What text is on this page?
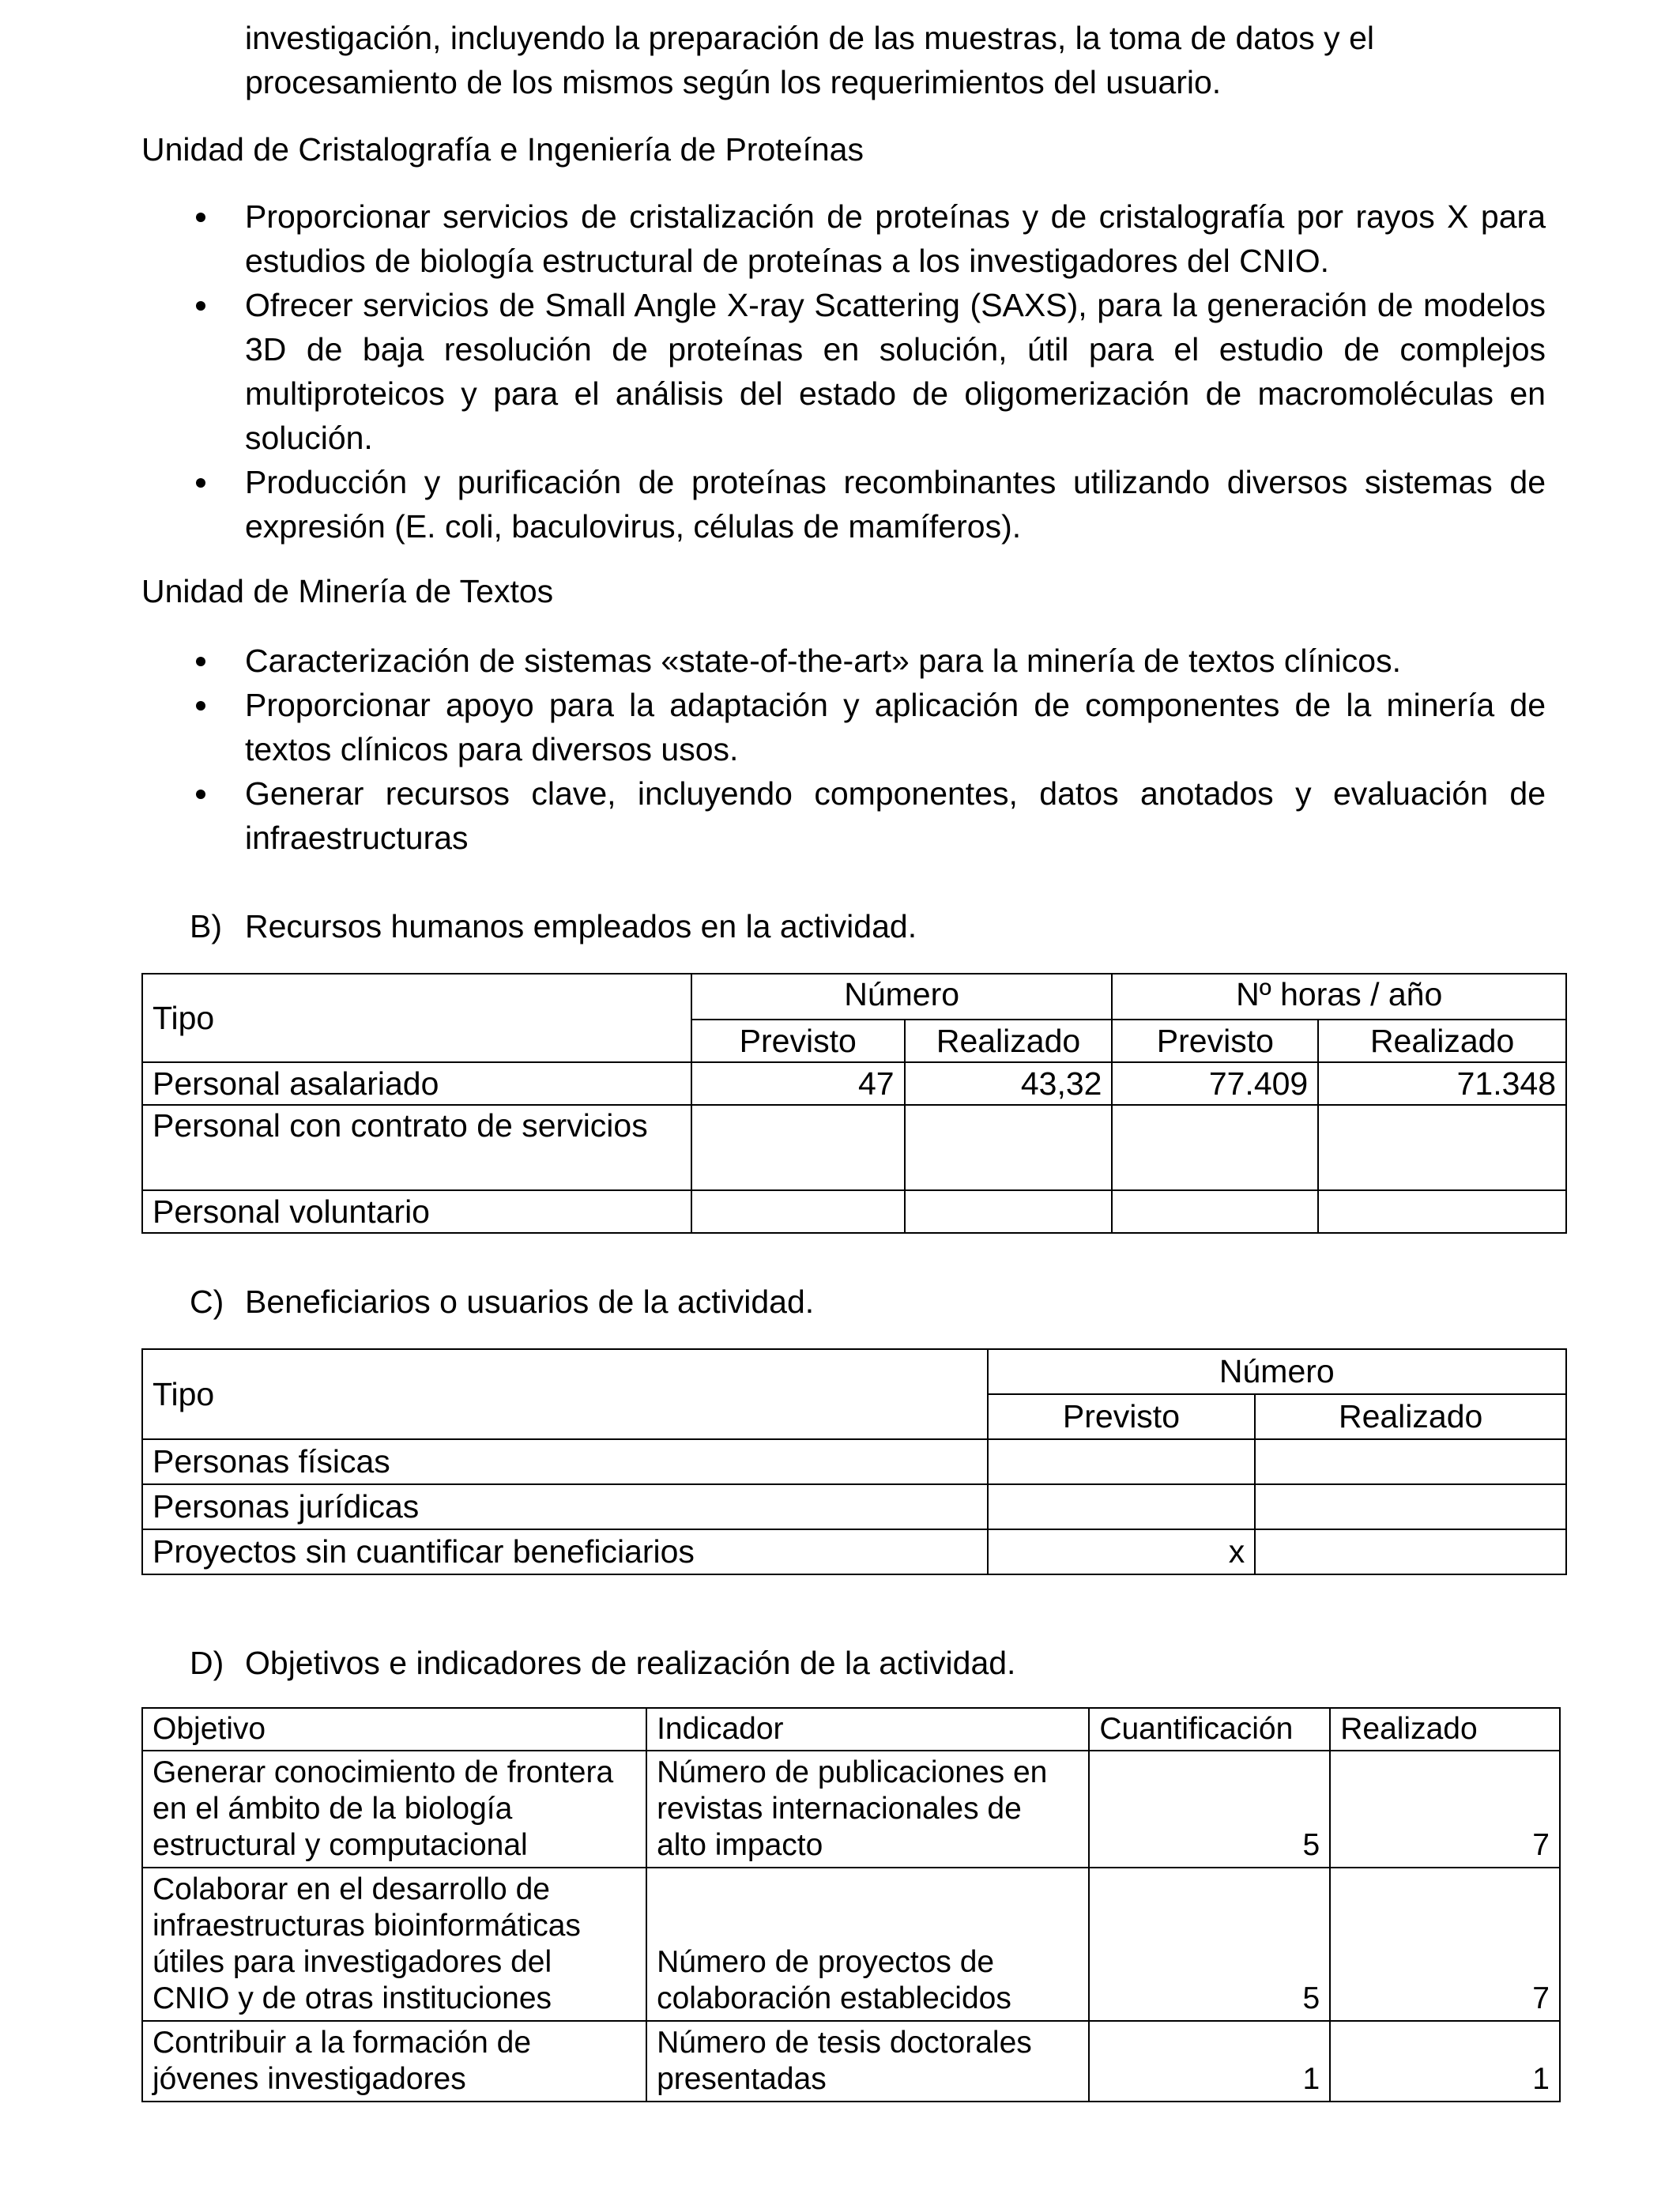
investigación, incluyendo la preparación de las muestras, la toma de datos y el

procesamiento de los mismos según los requerimientos del usuario.

Unidad de Cristalografía e Ingeniería de Proteínas

Proporcionar servicios de cristalización de proteínas y de cristalografía por rayos X para estudios de biología estructural de proteínas a los investigadores del CNIO.
Ofrecer servicios de Small Angle X-ray Scattering (SAXS), para la generación de modelos 3D de baja resolución de proteínas en solución, útil para el estudio de complejos multiproteicos y para el análisis del estado de oligomerización de macromoléculas en solución.
Producción y purificación de proteínas recombinantes utilizando diversos sistemas de expresión (E. coli, baculovirus, células de mamíferos).

Unidad de Minería de Textos

Caracterización de sistemas «state-of-the-art» para la minería de textos clínicos.
Proporcionar apoyo para la adaptación y aplicación de componentes de la minería de textos clínicos para diversos usos.
Generar recursos clave, incluyendo componentes, datos anotados y evaluación de infraestructuras

B) Recursos humanos empleados en la actividad.

Tipo	Número		Nº horas / año	
	Previsto	Realizado	Previsto	Realizado
Personal asalariado	47	43,32	77.409	71.348
Personal con contrato de servicios				
Personal voluntario				

C) Beneficiarios o usuarios de la actividad.

Tipo	Número	
	Previsto	Realizado
Personas físicas		
Personas jurídicas		
Proyectos sin cuantificar beneficiarios	x	

D) Objetivos e indicadores de realización de la actividad.

Objetivo	Indicador	Cuantificación	Realizado
Generar conocimiento de frontera en el ámbito de la biología estructural y computacional	Número de publicaciones en revistas internacionales de alto impacto	5	7
Colaborar en el desarrollo de infraestructuras bioinformáticas útiles para investigadores del CNIO y de otras instituciones	Número de proyectos de colaboración establecidos	5	7
Contribuir a la formación de jóvenes investigadores	Número de tesis doctorales presentadas	1	1
